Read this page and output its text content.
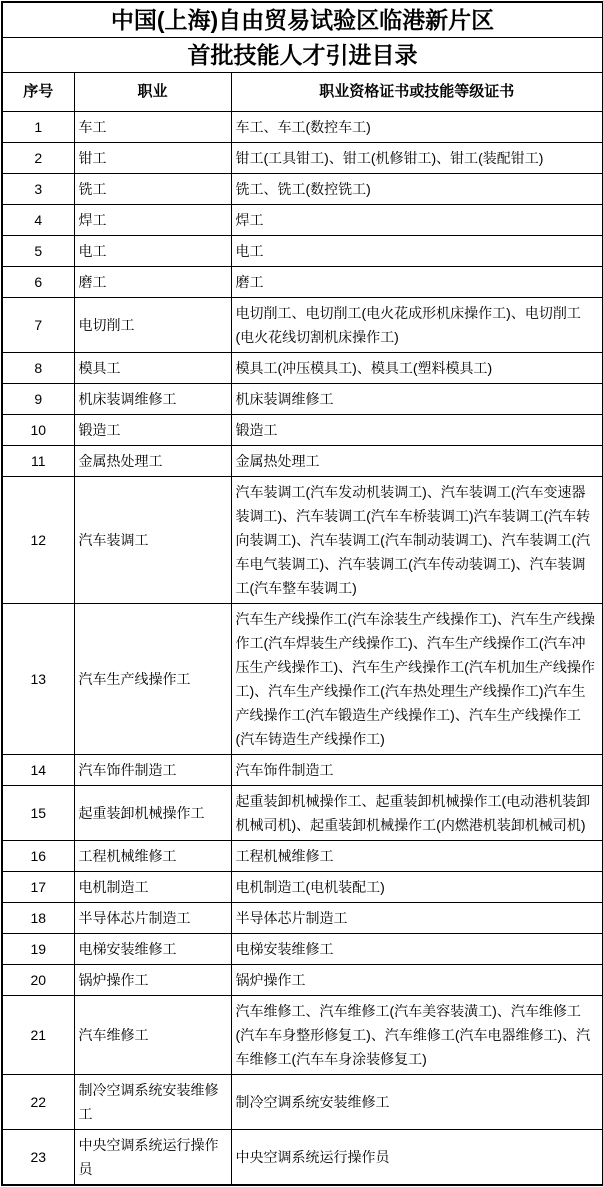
中国(上海)自由贸易试验区临港新片区		
首批技能人才引进目录		
序号	职业	职业资格证书或技能等级证书
1	车工	车工、车工(数控车工)
2	钳工	钳工(工具钳工)、钳工(机修钳工)、钳工(装配钳工)
3	铣工	铣工、铣工(数控铣工)
4	焊工	焊工
5	电工	电工
6	磨工	磨工
7	电切削工	电切削工、电切削工(电火花成形机床操作工)、电切削工(电火花线切割机床操作工)
8	模具工	模具工(冲压模具工)、模具工(塑料模具工)
9	机床装调维修工	机床装调维修工
10	锻造工	锻造工
11	金属热处理工	金属热处理工
12	汽车装调工	汽车装调工(汽车发动机装调工)、汽车装调工(汽车变速器装调工)、汽车装调工(汽车车桥装调工)汽车装调工(汽车转向装调工)、汽车装调工(汽车制动装调工)、汽车装调工(汽车电气装调工)、汽车装调工(汽车传动装调工)、汽车装调工(汽车整车装调工)
13	汽车生产线操作工	汽车生产线操作工(汽车涂装生产线操作工)、汽车生产线操作工(汽车焊装生产线操作工)、汽车生产线操作工(汽车冲压生产线操作工)、汽车生产线操作工(汽车机加生产线操作工)、汽车生产线操作工(汽车热处理生产线操作工)汽车生产线操作工(汽车锻造生产线操作工)、汽车生产线操作工(汽车铸造生产线操作工)
14	汽车饰件制造工	汽车饰件制造工
15	起重装卸机械操作工	起重装卸机械操作工、起重装卸机械操作工(电动港机装卸机械司机)、起重装卸机械操作工(内燃港机装卸机械司机)
16	工程机械维修工	工程机械维修工
17	电机制造工	电机制造工(电机装配工)
18	半导体芯片制造工	半导体芯片制造工
19	电梯安装维修工	电梯安装维修工
20	锅炉操作工	锅炉操作工
21	汽车维修工	汽车维修工、汽车维修工(汽车美容装潢工)、汽车维修工(汽车车身整形修复工)、汽车维修工(汽车电器维修工)、汽车维修工(汽车车身涂装修复工)
22	制冷空调系统安装维修工	制冷空调系统安装维修工
23	中央空调系统运行操作员	中央空调系统运行操作员
